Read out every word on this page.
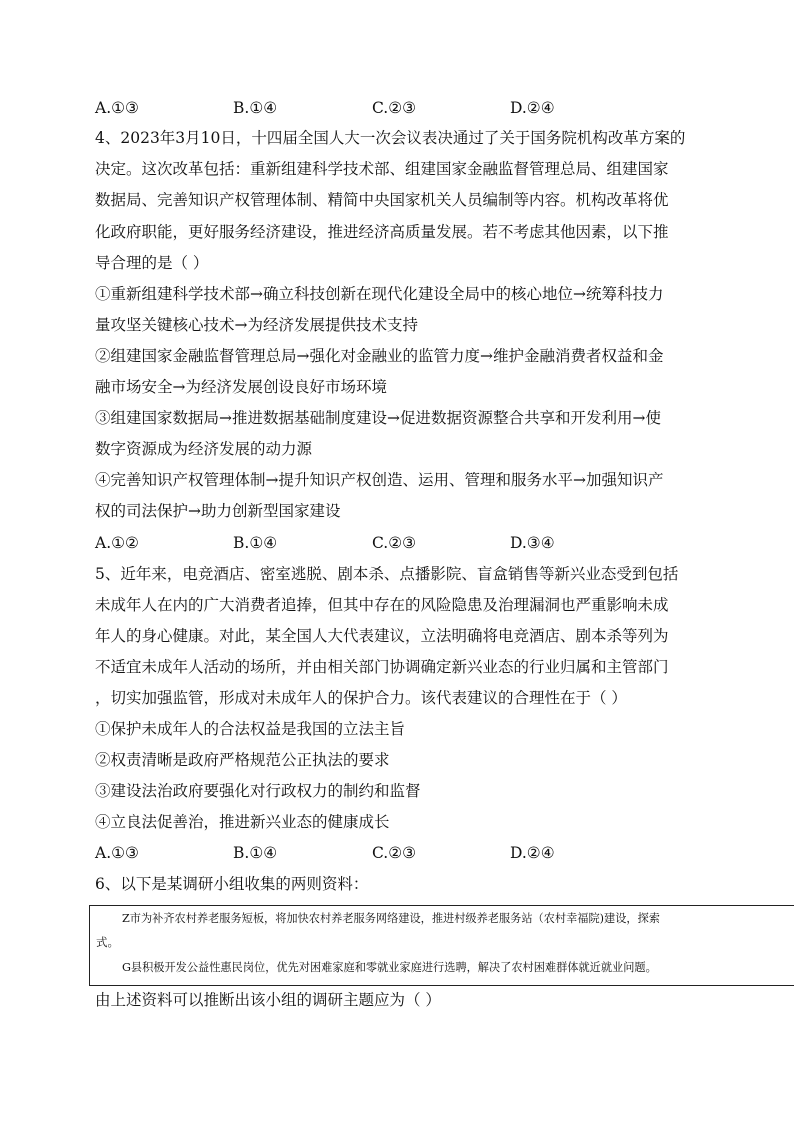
A.①③	B.①④	C.②③	D.②④
4、2023年3月10日，十四届全国人大一次会议表决通过了关于国务院机构改革方案的
决定。这次改革包括：重新组建科学技术部、组建国家金融监督管理总局、组建国家
数据局、完善知识产权管理体制、精简中央国家机关人员编制等内容。机构改革将优
化政府职能，更好服务经济建设，推进经济高质量发展。若不考虑其他因素，以下推
导合理的是（ ）
①重新组建科学技术部→确立科技创新在现代化建设全局中的核心地位→统筹科技力
量攻坚关键核心技术→为经济发展提供技术支持
②组建国家金融监督管理总局→强化对金融业的监管力度→维护金融消费者权益和金
融市场安全→为经济发展创设良好市场环境
③组建国家数据局→推进数据基础制度建设→促进数据资源整合共享和开发利用→使
数字资源成为经济发展的动力源
④完善知识产权管理体制→提升知识产权创造、运用、管理和服务水平→加强知识产
权的司法保护→助力创新型国家建设
A.①②	B.①④	C.②③	D.③④
5、近年来，电竞酒店、密室逃脱、剧本杀、点播影院、盲盒销售等新兴业态受到包括
未成年人在内的广大消费者追捧，但其中存在的风险隐患及治理漏洞也严重影响未成
年人的身心健康。对此，某全国人大代表建议，立法明确将电竞酒店、剧本杀等列为
不适宜未成年人活动的场所，并由相关部门协调确定新兴业态的行业归属和主管部门
，切实加强监管，形成对未成年人的保护合力。该代表建议的合理性在于（ ）
①保护未成年人的合法权益是我国的立法主旨
②权责清晰是政府严格规范公正执法的要求
③建设法治政府要强化对行政权力的制约和监督
④立良法促善治，推进新兴业态的健康成长
A.①③	B.①④	C.②③	D.②④
6、以下是某调研小组收集的两则资料：
Z市为补齐农村养老服务短板，将加快农村养老服务网络建设，推进村级养老服务站（农村幸福院)建设，探索
式。
G县积极开发公益性惠民岗位，优先对困难家庭和零就业家庭进行选聘，解决了农村困难群体就近就业问题。
由上述资料可以推断出该小组的调研主题应为（ ）
